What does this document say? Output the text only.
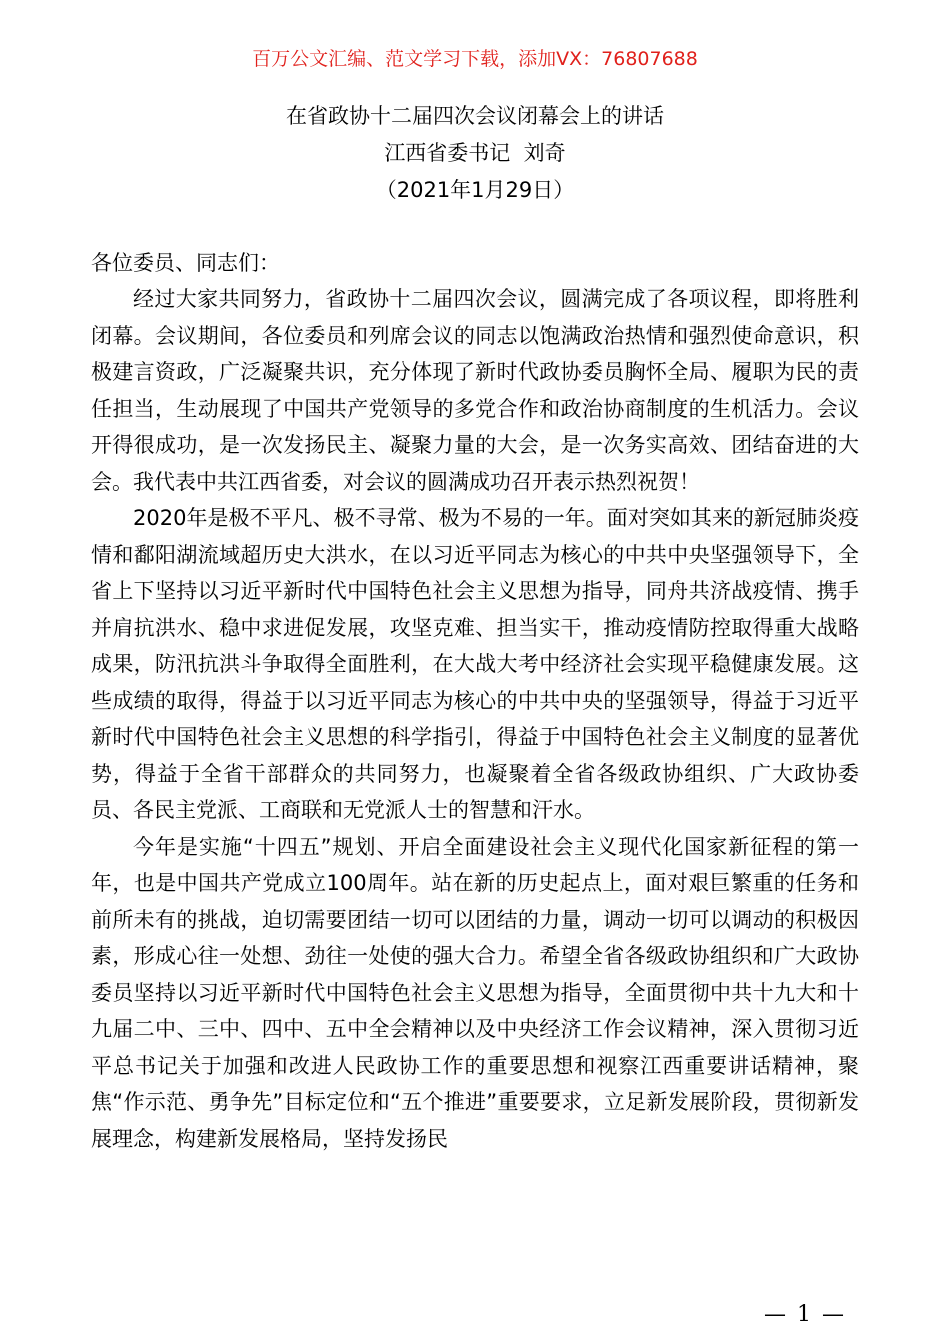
百万公文汇编、范文学习下载，添加VX：76807688
在省政协十二届四次会议闭幕会上的讲话
江西省委书记  刘奇
（2021年1月29日）
各位委员、同志们：

经过大家共同努力，省政协十二届四次会议，圆满完成了各项议程，即将胜利闭幕。会议期间，各位委员和列席会议的同志以饱满政治热情和强烈使命意识，积极建言资政，广泛凝聚共识，充分体现了新时代政协委员胸怀全局、履职为民的责任担当，生动展现了中国共产党领导的多党合作和政治协商制度的生机活力。会议开得很成功，是一次发扬民主、凝聚力量的大会，是一次务实高效、团结奋进的大会。我代表中共江西省委，对会议的圆满成功召开表示热烈祝贺！

2020年是极不平凡、极不寻常、极为不易的一年。面对突如其来的新冠肺炎疫情和鄱阳湖流域超历史大洪水，在以习近平同志为核心的中共中央坚强领导下，全省上下坚持以习近平新时代中国特色社会主义思想为指导，同舟共济战疫情、携手并肩抗洪水、稳中求进促发展，攻坚克难、担当实干，推动疫情防控取得重大战略成果，防汛抗洪斗争取得全面胜利，在大战大考中经济社会实现平稳健康发展。这些成绩的取得，得益于以习近平同志为核心的中共中央的坚强领导，得益于习近平新时代中国特色社会主义思想的科学指引，得益于中国特色社会主义制度的显著优势，得益于全省干部群众的共同努力，也凝聚着全省各级政协组织、广大政协委员、各民主党派、工商联和无党派人士的智慧和汗水。

今年是实施“十四五”规划、开启全面建设社会主义现代化国家新征程的第一年，也是中国共产党成立100周年。站在新的历史起点上，面对艰巨繁重的任务和前所未有的挑战，迫切需要团结一切可以团结的力量，调动一切可以调动的积极因素，形成心往一处想、劲往一处使的强大合力。希望全省各级政协组织和广大政协委员坚持以习近平新时代中国特色社会主义思想为指导，全面贯彻中共十九大和十九届二中、三中、四中、五中全会精神以及中央经济工作会议精神，深入贯彻习近平总书记关于加强和改进人民政协工作的重要思想和视察江西重要讲话精神，聚焦“作示范、勇争先”目标定位和“五个推进”重要要求，立足新发展阶段，贯彻新发展理念，构建新发展格局，坚持发扬民

— 1 —
